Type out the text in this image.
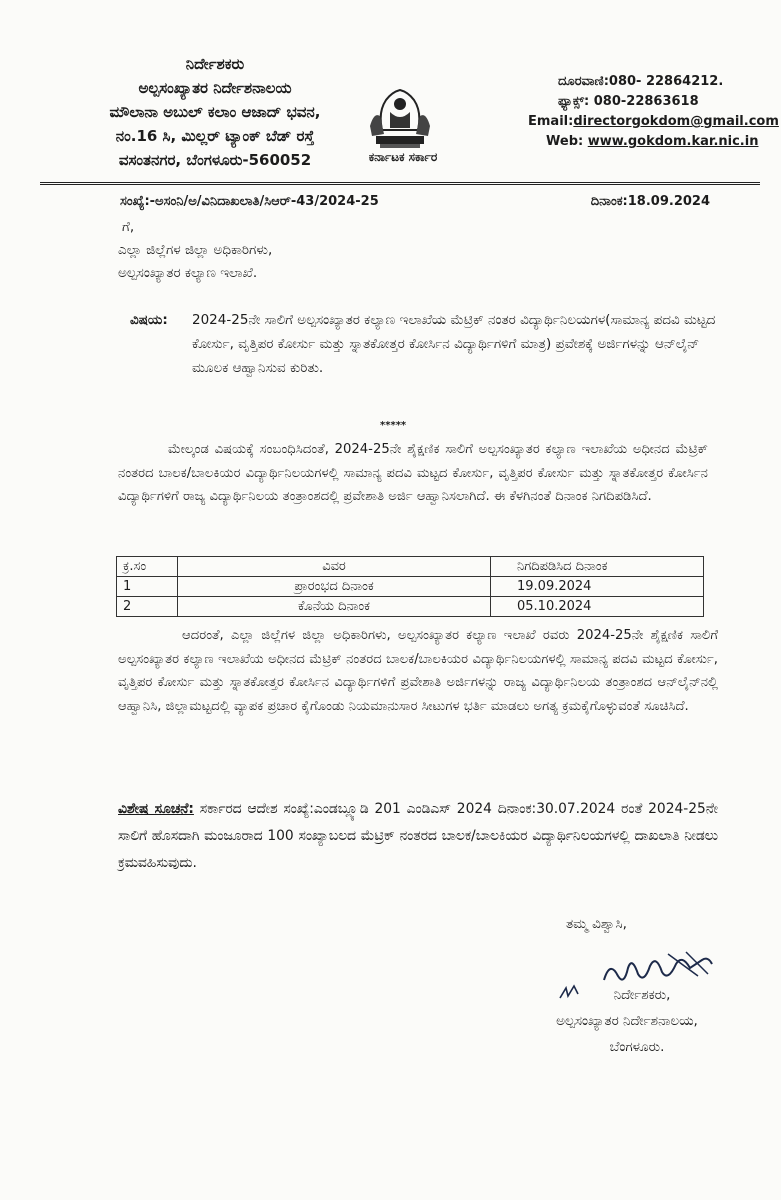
ನಿರ್ದೇಶಕರು
ಅಲ್ಪಸಂಖ್ಯಾತರ ನಿರ್ದೇಶನಾಲಯ
ಮೌಲಾನಾ ಅಬುಲ್ ಕಲಾಂ ಆಜಾದ್ ಭವನ,
ನಂ.16 ಸಿ, ಮಿಲ್ಲರ್ ಟ್ಯಾಂಕ್ ಬೆಡ್ ರಸ್ತೆ
ವಸಂತನಗರ, ಬೆಂಗಳೂರು-560052	ಕರ್ನಾಟಕ ಸರ್ಕಾರ
ದೂರವಾಣಿ:080- 22864212.
ಫ್ಯಾಕ್ಸ್: 080-22863618
Email:directorgokdom@gmail.com
Web: www.gokdom.kar.nic.in
ಸಂಖ್ಯೆ:-ಅಸಂನಿ/ಅ/ವಿನಿದಾಖಲಾತಿ/ಸಿಆರ್-43/2024-25	ದಿನಾಂಕ:18.09.2024
ಗೆ,
ಎಲ್ಲಾ ಜಿಲ್ಲೆಗಳ ಜಿಲ್ಲಾ ಅಧಿಕಾರಿಗಳು,
ಅಲ್ಪಸಂಖ್ಯಾತರ ಕಲ್ಯಾಣ ಇಲಾಖೆ.
ವಿಷಯ:	2024-25ನೇ ಸಾಲಿಗೆ ಅಲ್ಪಸಂಖ್ಯಾತರ ಕಲ್ಯಾಣ ಇಲಾಖೆಯ ಮೆಟ್ರಿಕ್ ನಂತರ ವಿದ್ಯಾರ್ಥಿನಿಲಯಗಳ(ಸಾಮಾನ್ಯ ಪದವಿ ಮಟ್ಟದ ಕೋರ್ಸು, ವೃತ್ತಿಪರ ಕೋರ್ಸು ಮತ್ತು ಸ್ನಾತಕೋತ್ತರ ಕೋರ್ಸಿನ ವಿದ್ಯಾರ್ಥಿಗಳಿಗೆ ಮಾತ್ರ) ಪ್ರವೇಶಕ್ಕೆ ಅರ್ಜಿಗಳನ್ನು ಆನ್‌ಲೈನ್ ಮೂಲಕ ಆಹ್ವಾನಿಸುವ ಕುರಿತು.
*****
ಮೇಲ್ಕಂಡ ವಿಷಯಕ್ಕೆ ಸಂಬಂಧಿಸಿದಂತೆ, 2024-25ನೇ ಶೈಕ್ಷಣಿಕ ಸಾಲಿಗೆ ಅಲ್ಪಸಂಖ್ಯಾತರ ಕಲ್ಯಾಣ ಇಲಾಖೆಯ ಅಧೀನದ ಮೆಟ್ರಿಕ್ ನಂತರದ ಬಾಲಕ/ಬಾಲಕಿಯರ ವಿದ್ಯಾರ್ಥಿನಿಲಯಗಳಲ್ಲಿ ಸಾಮಾನ್ಯ ಪದವಿ ಮಟ್ಟದ ಕೋರ್ಸು, ವೃತ್ತಿಪರ ಕೋರ್ಸು ಮತ್ತು ಸ್ನಾತಕೋತ್ತರ ಕೋರ್ಸಿನ ವಿದ್ಯಾರ್ಥಿಗಳಿಗೆ ರಾಜ್ಯ ವಿದ್ಯಾರ್ಥಿನಿಲಯ ತಂತ್ರಾಂಶದಲ್ಲಿ ಪ್ರವೇಶಾತಿ ಅರ್ಜಿ ಆಹ್ವಾನಿಸಲಾಗಿದೆ. ಈ ಕೆಳಗಿನಂತೆ ದಿನಾಂಕ ನಿಗದಿಪಡಿಸಿದೆ.
ಕ್ರ.ಸಂ	ವಿವರ	ನಿಗದಿಪಡಿಸಿದ ದಿನಾಂಕ
1	ಪ್ರಾರಂಭದ ದಿನಾಂಕ	19.09.2024
2	ಕೊನೆಯ ದಿನಾಂಕ	05.10.2024
ಆದರಂತೆ, ಎಲ್ಲಾ ಜಿಲ್ಲೆಗಳ ಜಿಲ್ಲಾ ಅಧಿಕಾರಿಗಳು, ಅಲ್ಪಸಂಖ್ಯಾತರ ಕಲ್ಯಾಣ ಇಲಾಖೆ ರವರು 2024-25ನೇ ಶೈಕ್ಷಣಿಕ ಸಾಲಿಗೆ ಅಲ್ಪಸಂಖ್ಯಾತರ ಕಲ್ಯಾಣ ಇಲಾಖೆಯ ಅಧೀನದ ಮೆಟ್ರಿಕ್ ನಂತರದ ಬಾಲಕ/ಬಾಲಕಿಯರ ವಿದ್ಯಾರ್ಥಿನಿಲಯಗಳಲ್ಲಿ ಸಾಮಾನ್ಯ ಪದವಿ ಮಟ್ಟದ ಕೋರ್ಸು, ವೃತ್ತಿಪರ ಕೋರ್ಸು ಮತ್ತು ಸ್ನಾತಕೋತ್ತರ ಕೋರ್ಸಿನ ವಿದ್ಯಾರ್ಥಿಗಳಿಗೆ ಪ್ರವೇಶಾತಿ ಅರ್ಜಿಗಳನ್ನು ರಾಜ್ಯ ವಿದ್ಯಾರ್ಥಿನಿಲಯ ತಂತ್ರಾಂಶದ ಆನ್‌ಲೈನ್‌ನಲ್ಲಿ ಆಹ್ವಾನಿಸಿ, ಜಿಲ್ಲಾಮಟ್ಟದಲ್ಲಿ ವ್ಯಾಪಕ ಪ್ರಚಾರ ಕೈಗೊಂಡು ನಿಯಮಾನುಸಾರ ಸೀಟುಗಳ ಭರ್ತಿ ಮಾಡಲು ಅಗತ್ಯ ಕ್ರಮಕೈಗೊಳ್ಳುವಂತೆ ಸೂಚಿಸಿದೆ.
ವಿಶೇಷ ಸೂಚನೆ: ಸರ್ಕಾರದ ಆದೇಶ ಸಂಖ್ಯೆ:ಎಂಡಬ್ಲ್ಯೂಡಿ 201 ಎಂಡಿಎಸ್ 2024 ದಿನಾಂಕ:30.07.2024 ರಂತೆ 2024-25ನೇ ಸಾಲಿಗೆ ಹೊಸದಾಗಿ ಮಂಜೂರಾದ 100 ಸಂಖ್ಯಾಬಲದ ಮೆಟ್ರಿಕ್ ನಂತರದ ಬಾಲಕ/ಬಾಲಕಿಯರ ವಿದ್ಯಾರ್ಥಿನಿಲಯಗಳಲ್ಲಿ ದಾಖಲಾತಿ ನೀಡಲು ಕ್ರಮವಹಿಸುವುದು.
ತಮ್ಮ ವಿಶ್ವಾಸಿ,
ನಿರ್ದೇಶಕರು,
ಅಲ್ಪಸಂಖ್ಯಾತರ ನಿರ್ದೇಶನಾಲಯ,
ಬೆಂಗಳೂರು.
